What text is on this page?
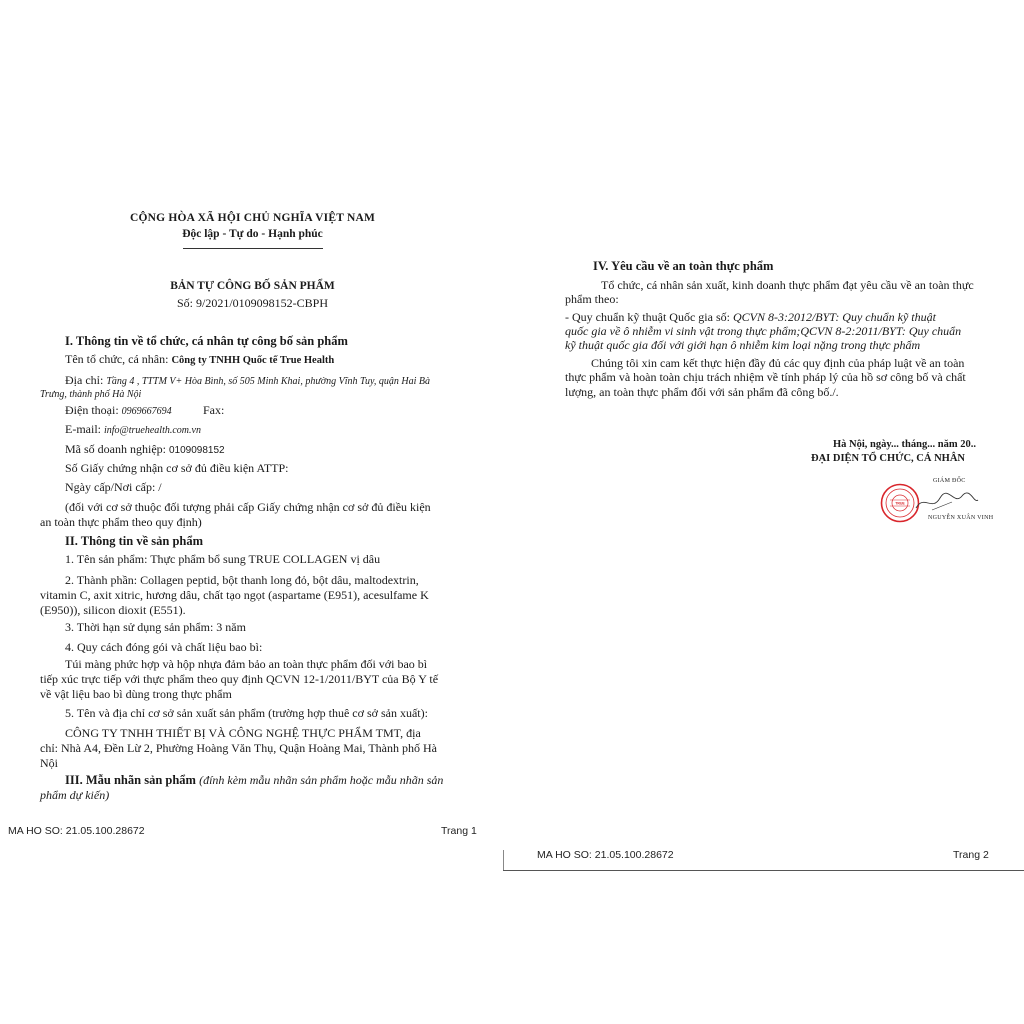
CỘNG HÒA XÃ HỘI CHỦ NGHĨA VIỆT NAM
Độc lập - Tự do - Hạnh phúc
BẢN TỰ CÔNG BỐ SẢN PHẨM
Số: 9/2021/0109098152-CBPH
I. Thông tin về tổ chức, cá nhân tự công bố sản phẩm
Tên tổ chức, cá nhân: Công ty TNHH Quốc tế True Health
Địa chỉ: Tầng 4 , TTTM V+ Hòa Bình, số 505 Minh Khai, phường Vĩnh Tuy, quận Hai Bà
Trưng, thành phố Hà Nội
Điện thoại: 0969667694	Fax:
E-mail: info@truehealth.com.vn
Mã số doanh nghiệp: 0109098152
Số Giấy chứng nhận cơ sở đủ điều kiện ATTP:
Ngày cấp/Nơi cấp: /
(đối với cơ sở thuộc đối tượng phải cấp Giấy chứng nhận cơ sở đủ điều kiện
an toàn thực phẩm theo quy định)
II. Thông tin về sản phẩm
1. Tên sản phẩm: Thực phẩm bổ sung TRUE COLLAGEN vị dâu
2. Thành phần: Collagen peptid, bột thanh long đỏ, bột dâu, maltodextrin,
vitamin C, axit xitric, hương dâu, chất tạo ngọt (aspartame (E951), acesulfame K
(E950)), silicon dioxit (E551).
3. Thời hạn sử dụng sản phẩm: 3 năm
4. Quy cách đóng gói và chất liệu bao bì:
Túi màng phức hợp và hộp nhựa đảm bảo an toàn thực phẩm đối với bao bì
tiếp xúc trực tiếp với thực phẩm theo quy định QCVN 12-1/2011/BYT của Bộ Y tế
về vật liệu bao bì dùng trong thực phẩm
5. Tên và địa chỉ cơ sở sản xuất sản phẩm (trường hợp thuê cơ sở sản xuất):
CÔNG TY TNHH THIẾT BỊ VÀ CÔNG NGHỆ THỰC PHẨM TMT, địa
chỉ: Nhà A4, Đền Lừ 2, Phường Hoàng Văn Thụ, Quận Hoàng Mai, Thành phố Hà
Nội
III. Mẫu nhãn sản phẩm (đính kèm mẫu nhãn sản phẩm hoặc mẫu nhãn sản
phẩm dự kiến)
MA HO SO: 21.05.100.28672	Trang 1
IV. Yêu cầu về an toàn thực phẩm
Tổ chức, cá nhân sản xuất, kinh doanh thực phẩm đạt yêu cầu về an toàn thực
phẩm theo:
- Quy chuẩn kỹ thuật Quốc gia số: QCVN 8-3:2012/BYT: Quy chuẩn kỹ thuật
quốc gia về ô nhiễm vi sinh vật trong thực phẩm;QCVN 8-2:2011/BYT: Quy chuẩn
kỹ thuật quốc gia đối với giới hạn ô nhiễm kim loại nặng trong thực phẩm
Chúng tôi xin cam kết thực hiện đầy đủ các quy định của pháp luật về an toàn
thực phẩm và hoàn toàn chịu trách nhiệm về tính pháp lý của hồ sơ công bố và chất
lượng, an toàn thực phẩm đối với sản phẩm đã công bố./.
Hà Nội, ngày... tháng... năm 20..
ĐẠI DIỆN TỔ CHỨC, CÁ NHÂN
TRUE
GIÁM ĐỐC
NGUYỄN XUÂN VINH
MA HO SO: 21.05.100.28672	Trang 2
